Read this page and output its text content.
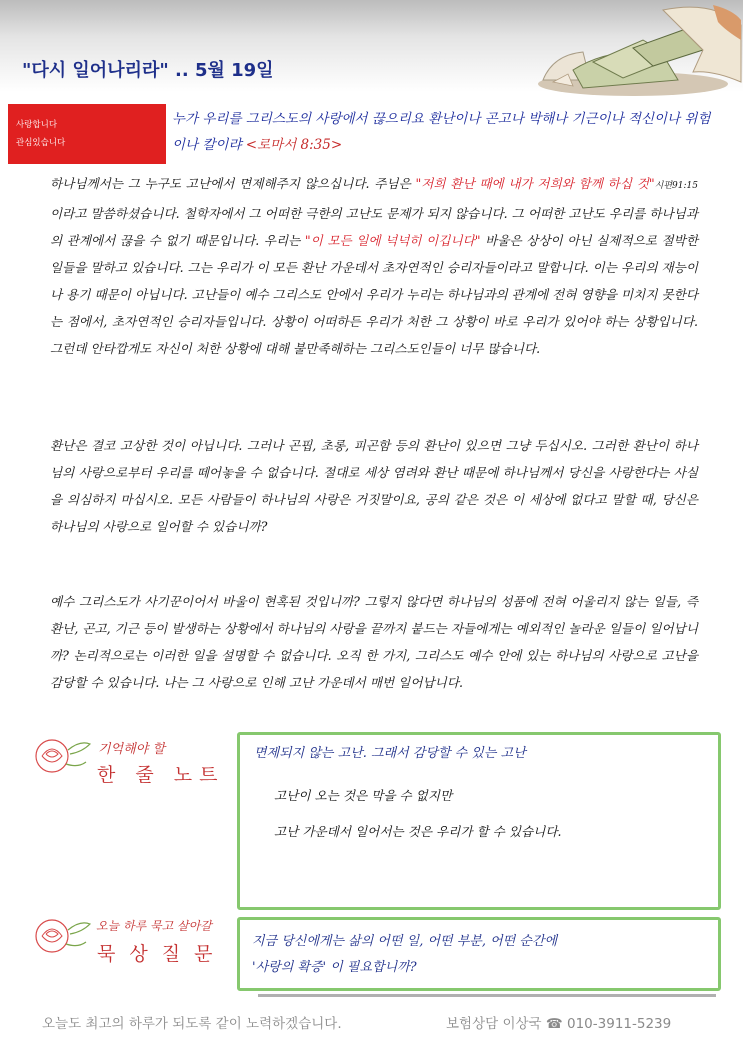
"다시 일어나리라" .. 5월 19일
사랑합니다
관심있습니다
누가 우리를 그리스도의 사랑에서 끊으리요 환난이나 곤고나 박해나 기근이나 적신이나 위험이나 칼이랴 <로마서 8:35>
하나님께서는 그 누구도 고난에서 면제해주지 않으십니다. 주님은 "저희 환난 때에 내가 저희와 함께 하십 것"시편91:15 이라고 말씀하셨습니다. 철학자에서 그 어떠한 극한의 고난도 문제가 되지 않습니다. 그 어떠한 고난도 우리를 하나님과의 관계에서 끊을 수 없기 때문입니다. 우리는 "이 모든 일에 넉넉히 이깁니다" 바울은 상상이 아닌 실제적으로 절박한 일들을 말하고 있습니다. 그는 우리가 이 모든 환난 가운데서 초자연적인 승리자들이라고 말합니다. 이는 우리의 재능이나 용기 때문이 아닙니다. 고난들이 예수 그리스도 안에서 우리가 누리는 하나님과의 관계에 전혀 영향을 미치지 못한다는 점에서, 초자연적인 승리자들입니다. 상황이 어떠하든 우리가 처한 그 상황이 바로 우리가 있어야 하는 상황입니다. 그런데 안타깝게도 자신이 처한 상황에 대해 불만족해하는 그리스도인들이 너무 많습니다.
환난은 결코 고상한 것이 아닙니다. 그러나 곤핍, 초롱, 피곤함 등의 환난이 있으면 그냥 두십시오. 그러한 환난이 하나님의 사랑으로부터 우리를 떼어놓을 수 없습니다. 절대로 세상 염려와 환난 때문에 하나님께서 당신을 사랑한다는 사실을 의심하지 마십시오. 모든 사람들이 하나님의 사랑은 거짓말이요, 공의 같은 것은 이 세상에 없다고 말할 때, 당신은 하나님의 사랑으로 일어할 수 있습니까?
예수 그리스도가 사기꾼이어서 바울이 현혹된 것입니까? 그렇지 않다면 하나님의 성품에 전혀 어울리지 않는 일들, 즉 환난, 곤고, 기근 등이 발생하는 상황에서 하나님의 사랑을 끝까지 붙드는 자들에게는 예외적인 놀라운 일들이 일어납니까? 논리적으로는 이러한 일을 설명할 수 없습니다. 오직 한 가지, 그리스도 예수 안에 있는 하나님의 사랑으로 고난을 감당할 수 있습니다. 나는 그 사랑으로 인해 고난 가운데서 매번 일어납니다.
기억해야 할
한 줄 노트
면제되지 않는 고난. 그래서 감당할 수 있는 고난
고난이 오는 것은 막을 수 없지만
고난 가운데서 일어서는 것은 우리가 할 수 있습니다.
오늘 하루 묵고 살아갈
묵 상 질 문
지금 당신에게는 삶의 어떤 일, 어떤 부분, 어떤 순간에
'사랑의 확증' 이 필요합니까?
오늘도 최고의 하루가 되도록 같이 노력하겠습니다.	보험상담 이상국 ☎ 010-3911-5239
